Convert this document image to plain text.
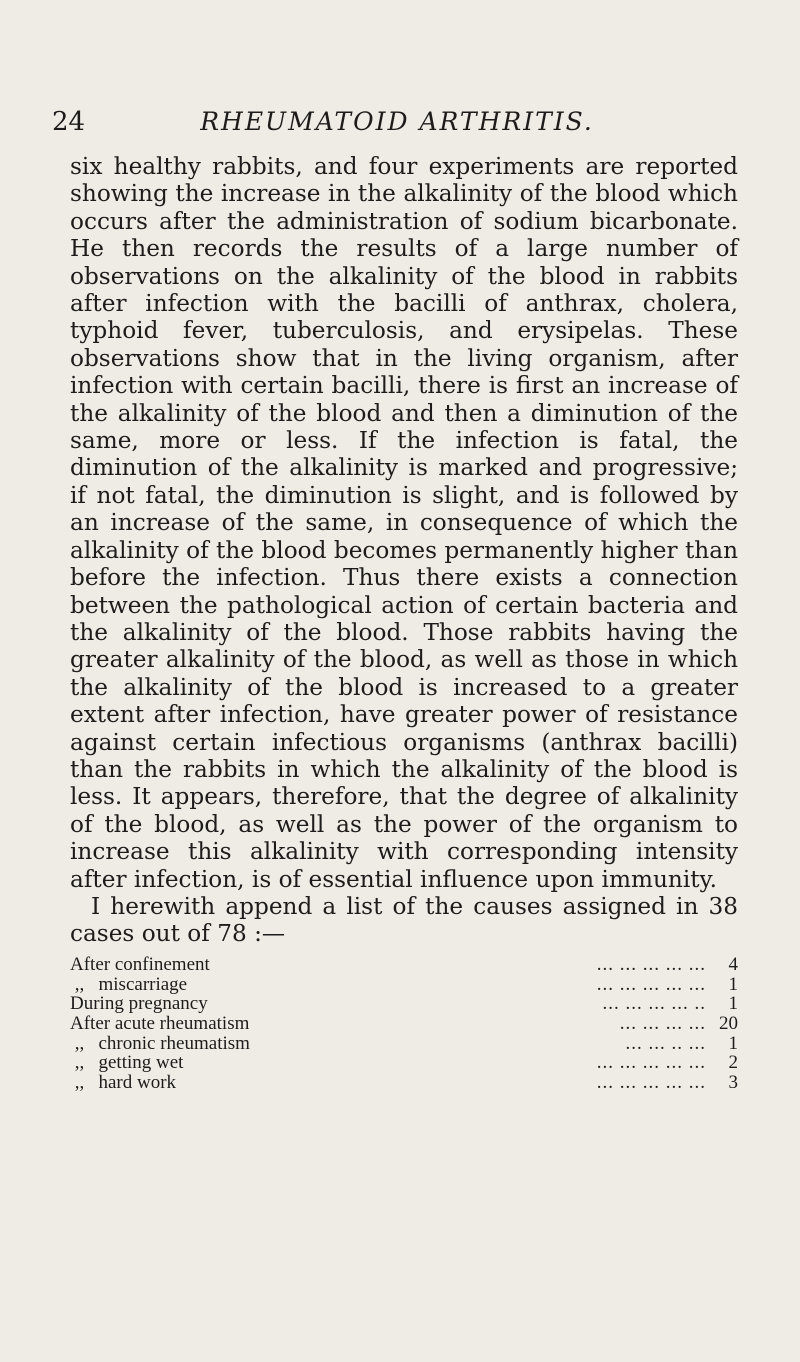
24	RHEUMATOID ARTHRITIS.

six healthy rabbits, and four experiments are reported showing the increase in the alkalinity of the blood which occurs after the administration of sodium bicarbonate. He then records the results of a large number of observations on the alkalinity of the blood in rabbits after infection with the bacilli of anthrax, cholera, typhoid fever, tuberculosis, and erysipelas. These observations show that in the living organism, after infection with certain bacilli, there is first an increase of the alkalinity of the blood and then a diminution of the same, more or less. If the infection is fatal, the diminution of the alkalinity is marked and progressive; if not fatal, the diminution is slight, and is followed by an increase of the same, in consequence of which the alkalinity of the blood becomes permanently higher than before the infection. Thus there exists a connection between the pathological action of certain bacteria and the alkalinity of the blood. Those rabbits having the greater alkalinity of the blood, as well as those in which the alkalinity of the blood is increased to a greater extent after infection, have greater power of resistance against certain infectious organisms (anthrax bacilli) than the rabbits in which the alkalinity of the blood is less. It appears, therefore, that the degree of alkalinity of the blood, as well as the power of the organism to increase this alkalinity with corresponding intensity after infection, is of essential influence upon immunity.

I herewith append a list of the causes assigned in 38 cases out of 78 :—

After confinement	... ... ... ... ...	4
,,   miscarriage	... ... ... ... ...	1
During pregnancy	... ... ... ... ..	1
After acute rheumatism	... ... ... ... 20
,,   chronic rheumatism	... ... .. ...	1
,,   getting wet	... ... ... ... ...	2
,,   hard work	... ... ... ... ...	3
